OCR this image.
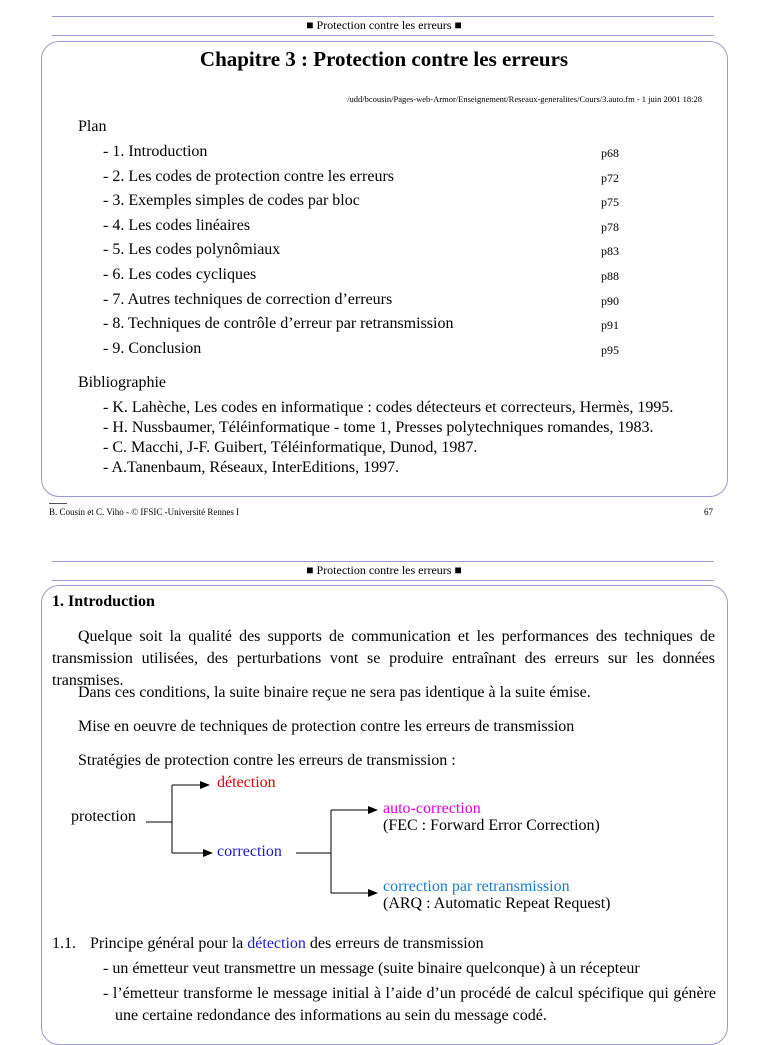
■ Protection contre les erreurs ■
Chapitre 3 : Protection contre les erreurs
/udd/bcousin/Pages-web-Armor/Enseignement/Reseaux-generalites/Cours/3.auto.fm - 1 juin 2001 18:28
Plan
- 1. Introduction	p68
- 2. Les codes de protection contre les erreurs	p72
- 3. Exemples simples de codes par bloc	p75
- 4. Les codes linéaires	p78
- 5. Les codes polynômiaux	p83
- 6. Les codes cycliques	p88
- 7. Autres techniques de correction d’erreurs	p90
- 8. Techniques de contrôle d’erreur par retransmission	p91
- 9. Conclusion	p95
Bibliographie
- K. Lahèche, Les codes en informatique : codes détecteurs et correcteurs, Hermès, 1995.
- H. Nussbaumer, Téléinformatique - tome 1, Presses polytechniques romandes, 1983.
- C. Macchi, J-F. Guibert, Téléinformatique, Dunod, 1987.
- A.Tanenbaum, Réseaux, InterEditions, 1997.
B. Cousin et C. Viho - © IFSIC -Université Rennes I	67
■ Protection contre les erreurs ■
1. Introduction
Quelque soit la qualité des supports de communication et les performances des techniques de transmission utilisées, des perturbations vont se produire entraînant des erreurs sur les données transmises.
Dans ces conditions, la suite binaire reçue ne sera pas identique à la suite émise.
Mise en oeuvre de techniques de protection contre les erreurs de transmission
Stratégies de protection contre les erreurs de transmission :
protection
détection
correction
auto-correction
(FEC : Forward Error Correction)
correction par retransmission
(ARQ : Automatic Repeat Request)
1.1. Principe général pour la détection des erreurs de transmission
- un émetteur veut transmettre un message (suite binaire quelconque) à un récepteur
- l’émetteur transforme le message initial à l’aide d’un procédé de calcul spécifique qui génère une certaine redondance des informations au sein du message codé.
